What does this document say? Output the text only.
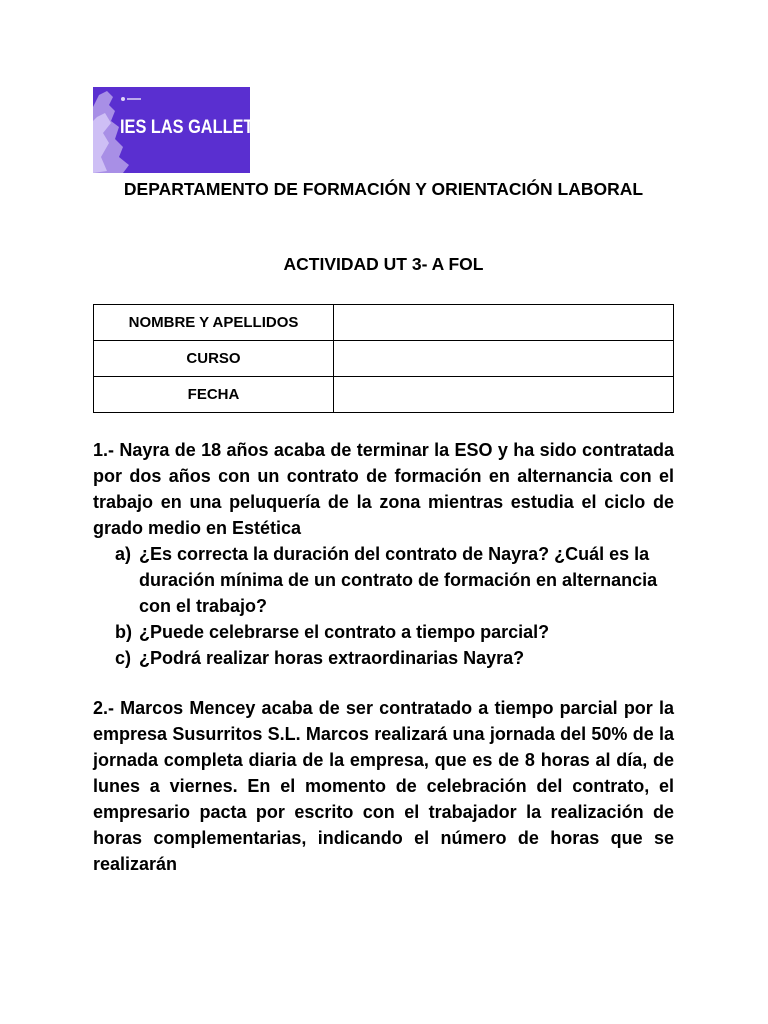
IES LAS GALLETAS
DEPARTAMENTO DE FORMACIÓN Y ORIENTACIÓN LABORAL
ACTIVIDAD UT 3- A FOL
NOMBRE Y APELLIDOS	
CURSO	
FECHA	
1.- Nayra de 18 años acaba de terminar la ESO y ha sido contratada por dos años con un contrato de formación en alternancia con el trabajo en una peluquería de la zona mientras estudia el ciclo de grado medio en Estética
a) ¿Es correcta la duración del contrato de Nayra? ¿Cuál es la duración mínima de un contrato de formación en alternancia con el trabajo?
b) ¿Puede celebrarse el contrato a tiempo parcial?
c) ¿Podrá realizar horas extraordinarias Nayra?
2.- Marcos Mencey acaba de ser contratado a tiempo parcial por la empresa Susurritos S.L. Marcos realizará una jornada del 50% de la jornada completa diaria de la empresa, que es de 8 horas al día, de lunes a viernes. En el momento de celebración del contrato, el empresario pacta por escrito con el trabajador la realización de horas complementarias, indicando el número de horas que se realizarán
